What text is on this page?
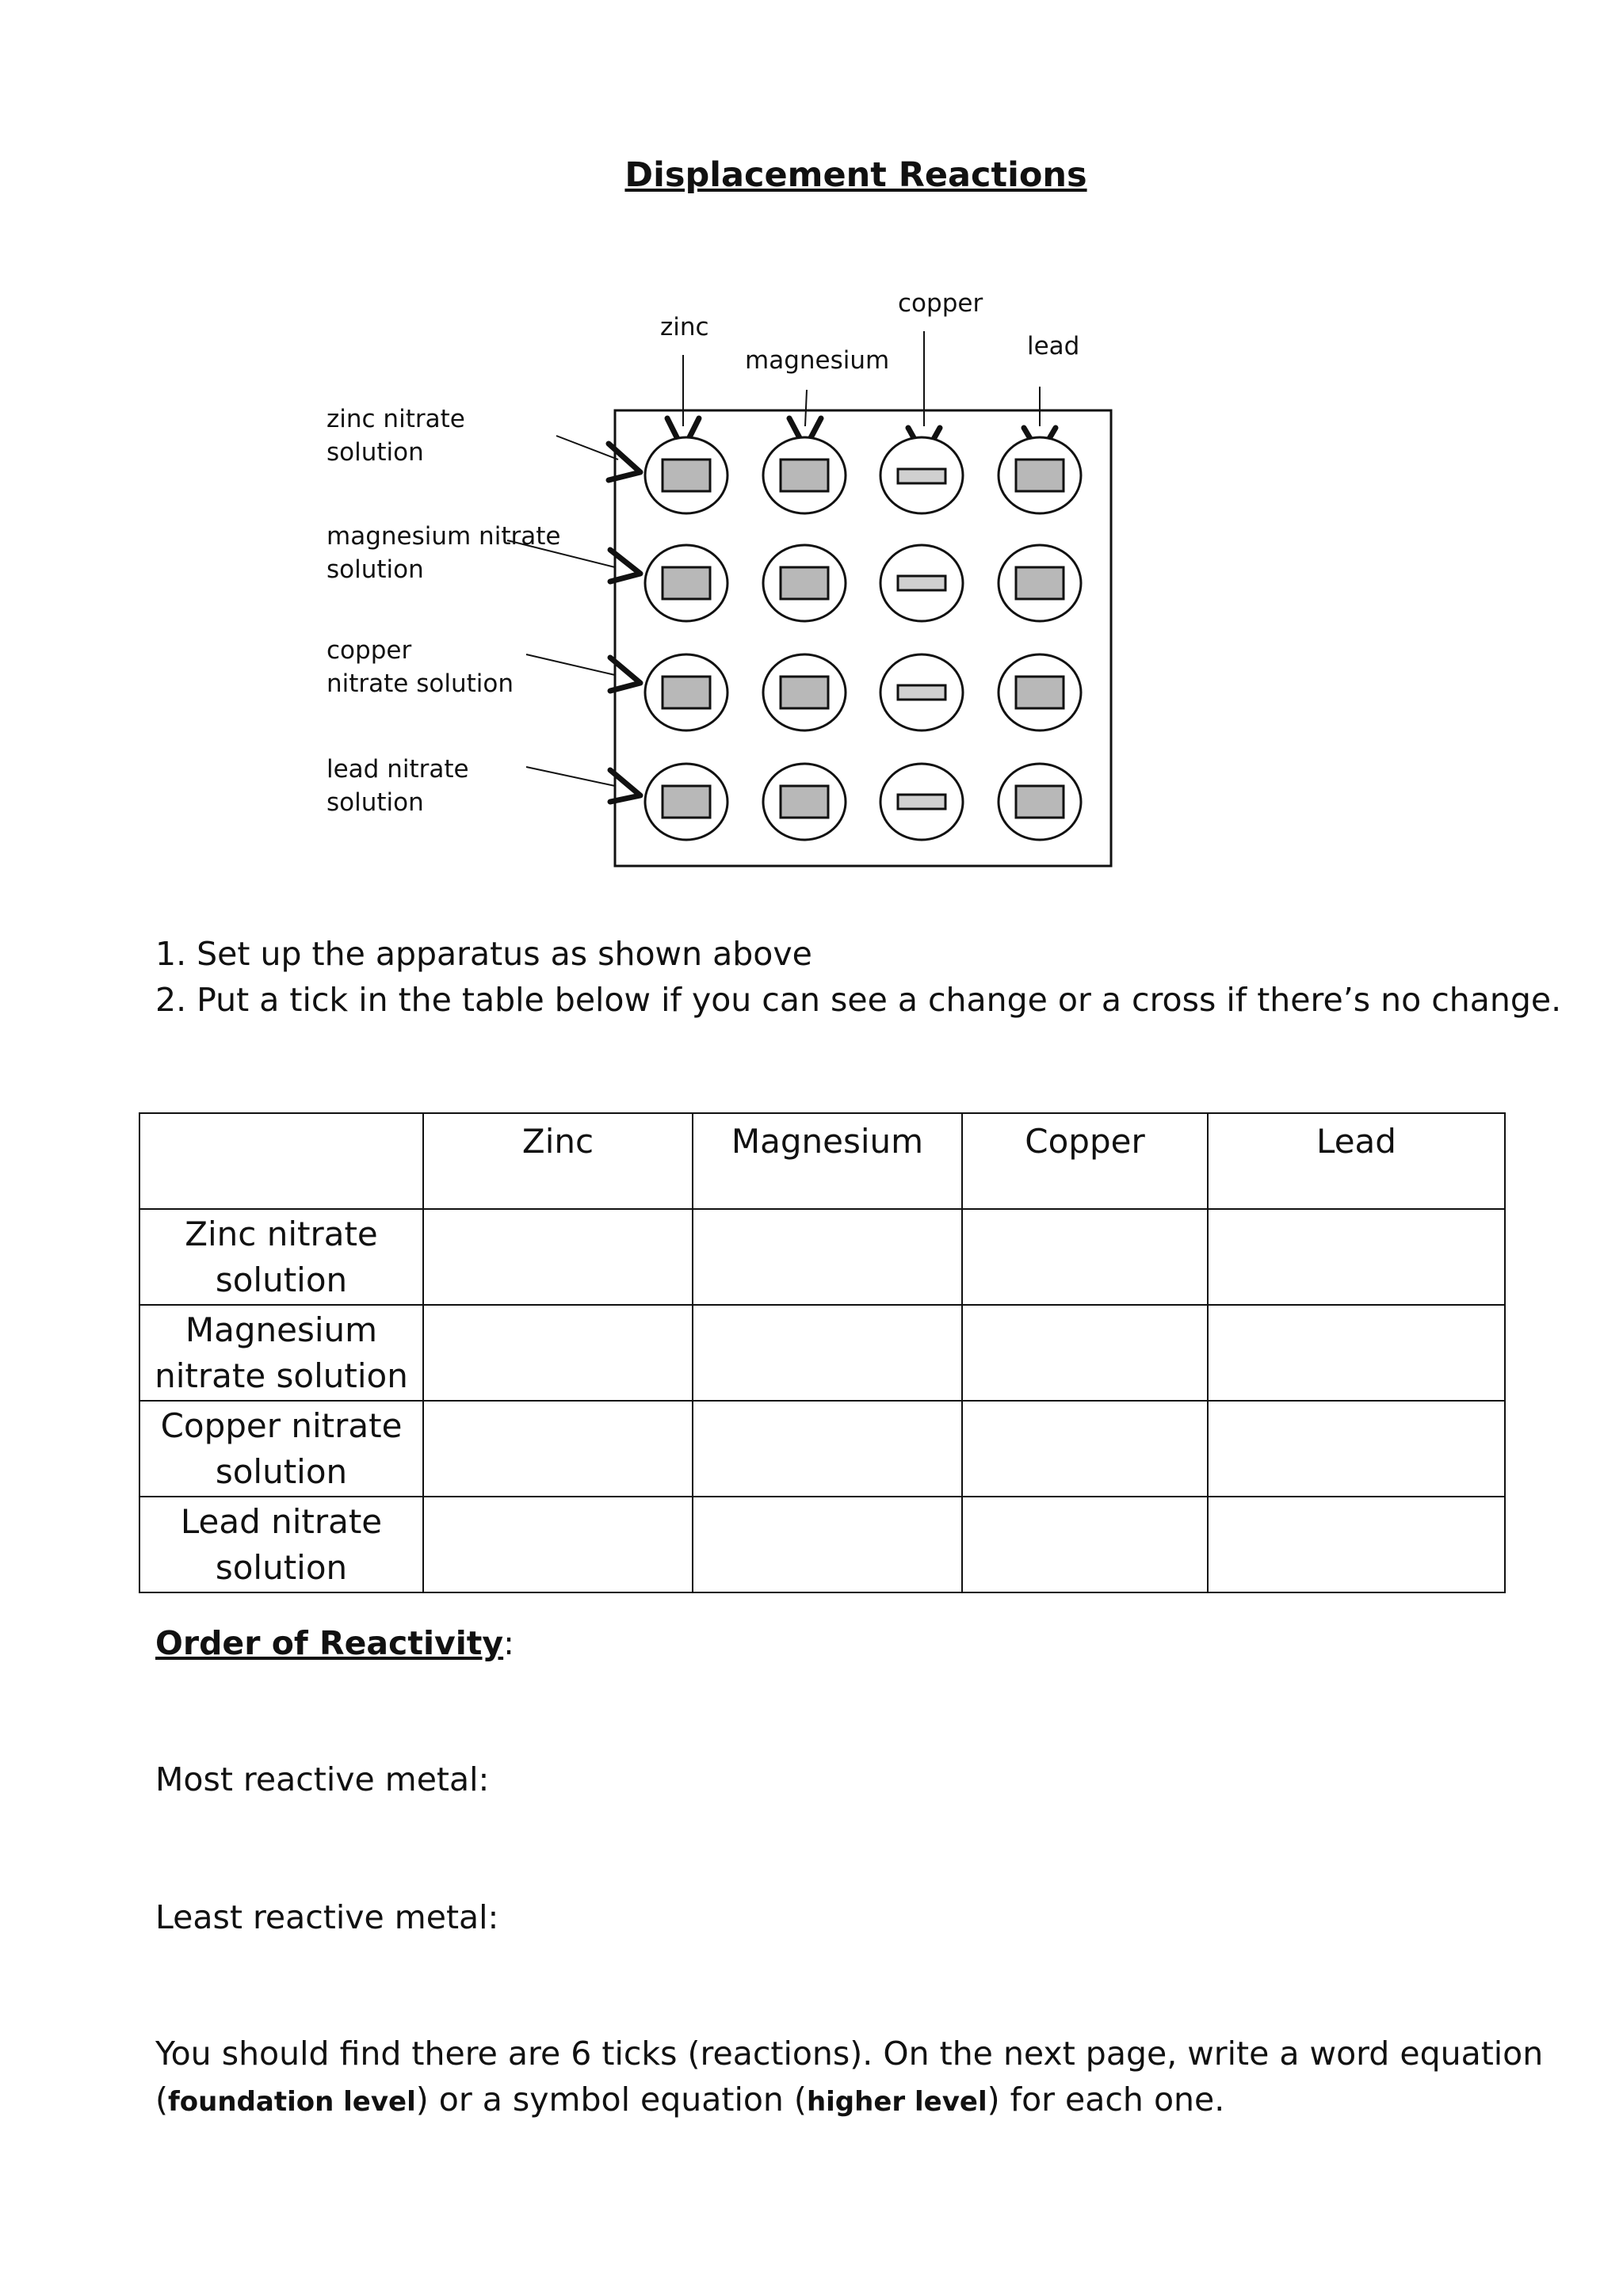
Displacement Reactions
zinc
magnesium
copper
lead
zinc nitrate
solution
magnesium nitrate
solution
copper
nitrate solution
lead nitrate
solution
1. Set up the apparatus as shown above
2. Put a tick in the table below if you can see a change or a cross if there’s no change.
	Zinc	Magnesium	Copper	Lead

Zinc nitrate
solution				

Magnesium
nitrate solution				

Copper nitrate
solution				

Lead nitrate
solution				

Order of Reactivity:
Most reactive metal:
Least reactive metal:
You should find there are 6 ticks (reactions). On the next page, write a word equation
(foundation level) or a symbol equation (higher level) for each one.
